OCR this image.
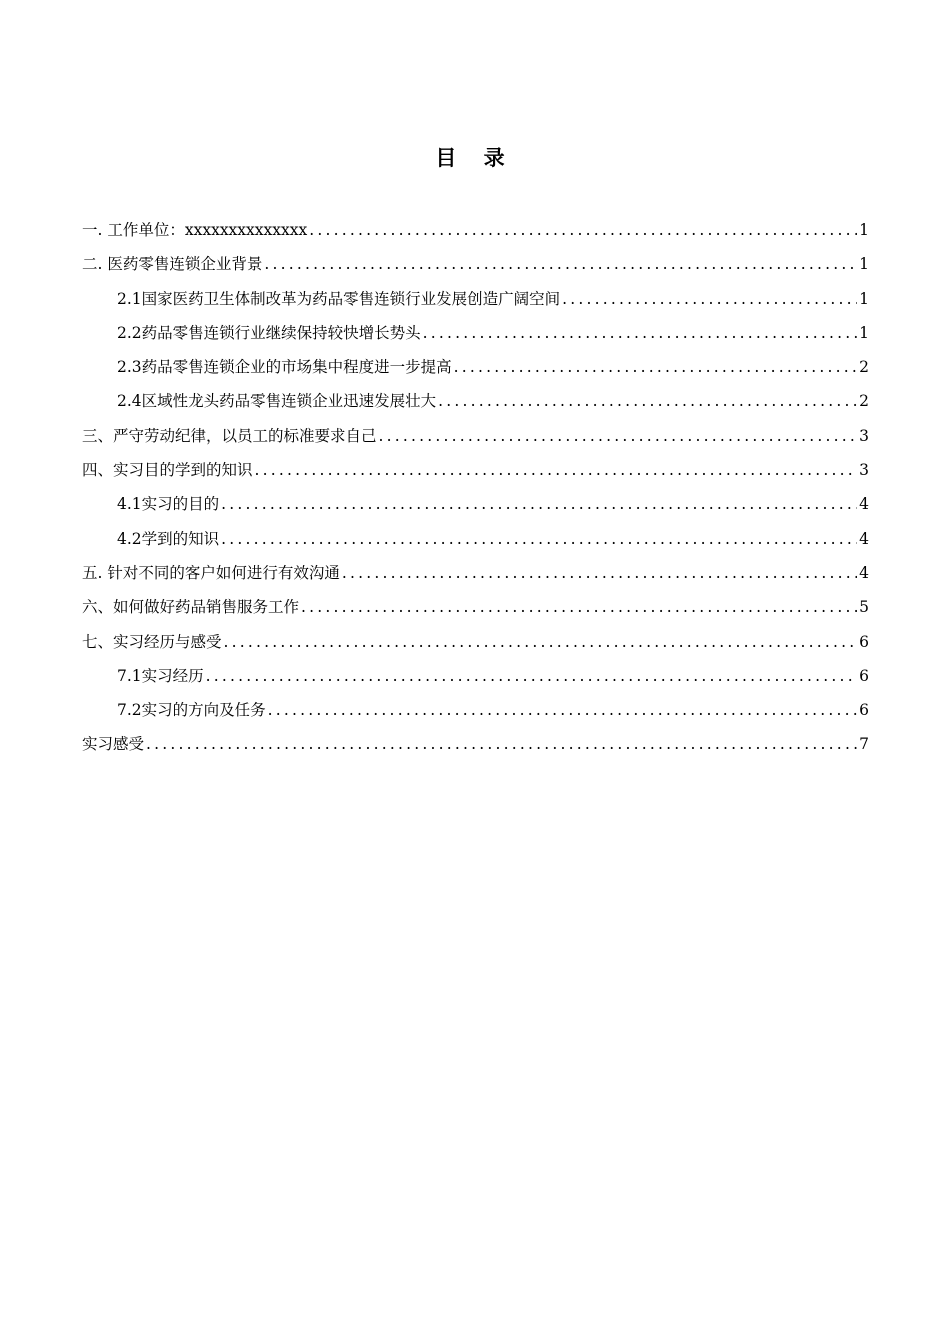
目 录
一. 工作单位：xxxxxxxxxxxxxx .....	1
二. 医药零售连锁企业背景 .....	1
2.1国家医药卫生体制改革为药品零售连锁行业发展创造广阔空间 .....	1
2.2药品零售连锁行业继续保持较快增长势头 .....	1
2.3药品零售连锁企业的市场集中程度进一步提高 .....	2
2.4区域性龙头药品零售连锁企业迅速发展壮大 .....	2
三、严守劳动纪律，以员工的标准要求自己 .....	3
四、实习目的学到的知识 .....	3
4.1实习的目的 .....	4
4.2学到的知识 .....	4
五. 针对不同的客户如何进行有效沟通 .....	4
六、如何做好药品销售服务工作 .....	5
七、实习经历与感受 .....	6
7.1实习经历 .....	6
7.2实习的方向及任务 .....	6
实习感受 .....	7
